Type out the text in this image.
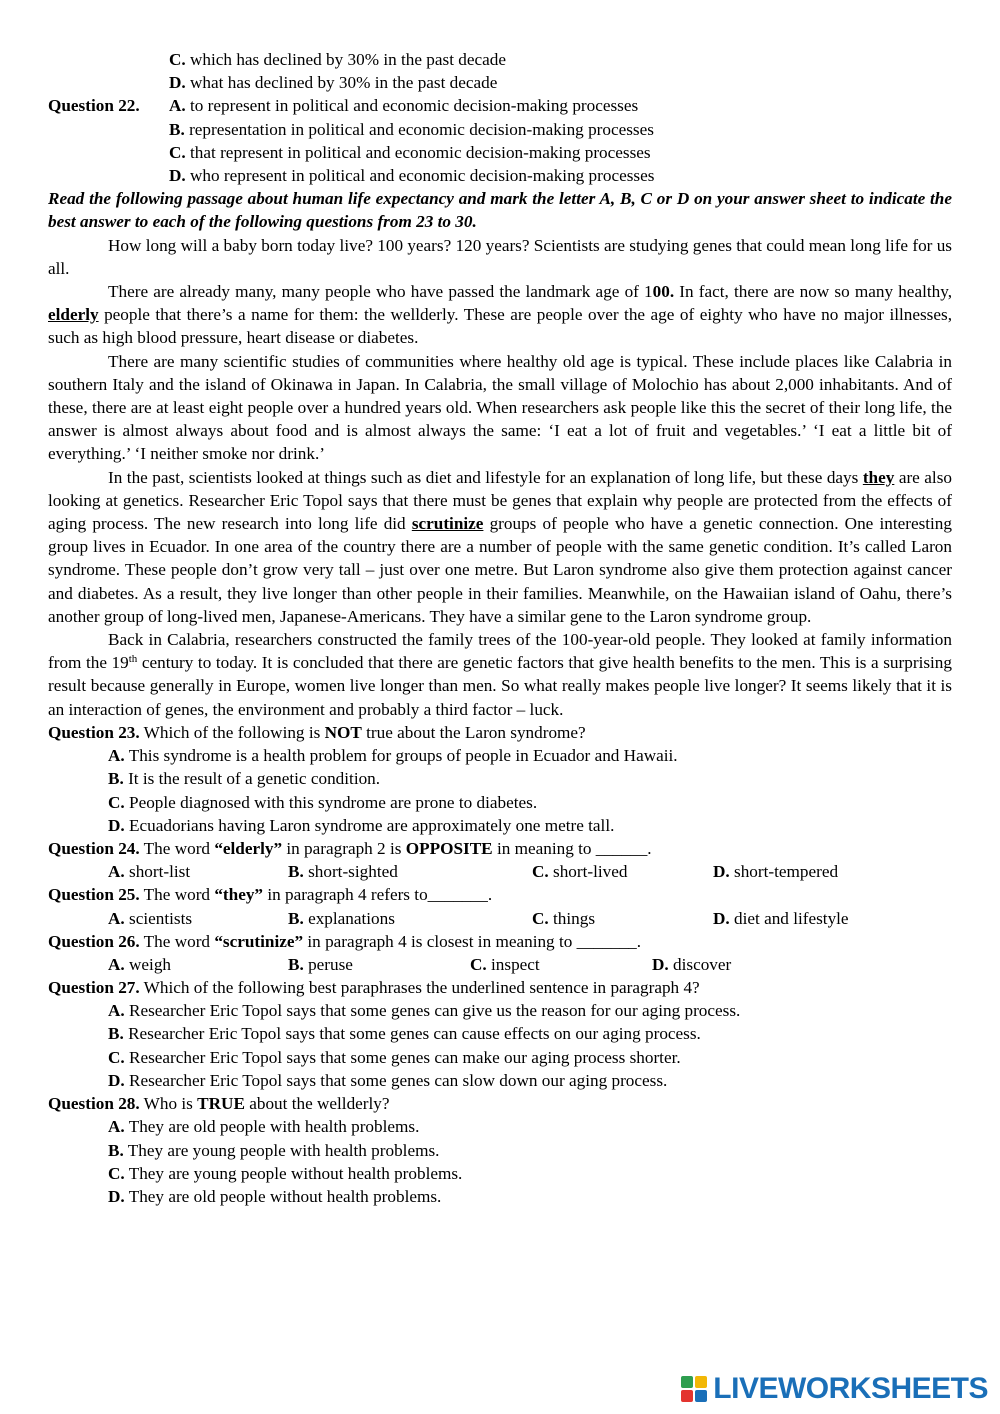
C. which has declined by 30% in the past decade
D. what has declined by 30% in the past decade
Question 22. A. to represent in political and economic decision-making processes
B. representation in political and economic decision-making processes
C. that represent in political and economic decision-making processes
D. who represent in political and economic decision-making processes
Read the following passage about human life expectancy and mark the letter A, B, C or D on your answer sheet to indicate the best answer to each of the following questions from 23 to 30.
How long will a baby born today live? 100 years? 120 years? Scientists are studying genes that could mean long life for us all.
There are already many, many people who have passed the landmark age of 100. In fact, there are now so many healthy, elderly people that there’s a name for them: the wellderly. These are people over the age of eighty who have no major illnesses, such as high blood pressure, heart disease or diabetes.
There are many scientific studies of communities where healthy old age is typical. These include places like Calabria in southern Italy and the island of Okinawa in Japan. In Calabria, the small village of Molochio has about 2,000 inhabitants. And of these, there are at least eight people over a hundred years old. When researchers ask people like this the secret of their long life, the answer is almost always about food and is almost always the same: ‘I eat a lot of fruit and vegetables.’ ‘I eat a little bit of everything.’ ‘I neither smoke nor drink.’
In the past, scientists looked at things such as diet and lifestyle for an explanation of long life, but these days they are also looking at genetics. Researcher Eric Topol says that there must be genes that explain why people are protected from the effects of aging process. The new research into long life did scrutinize groups of people who have a genetic connection. One interesting group lives in Ecuador. In one area of the country there are a number of people with the same genetic condition. It’s called Laron syndrome. These people don’t grow very tall – just over one metre. But Laron syndrome also give them protection against cancer and diabetes. As a result, they live longer than other people in their families. Meanwhile, on the Hawaiian island of Oahu, there’s another group of long-lived men, Japanese-Americans. They have a similar gene to the Laron syndrome group.
Back in Calabria, researchers constructed the family trees of the 100-year-old people. They looked at family information from the 19th century to today. It is concluded that there are genetic factors that give health benefits to the men. This is a surprising result because generally in Europe, women live longer than men. So what really makes people live longer? It seems likely that it is an interaction of genes, the environment and probably a third factor – luck.
Question 23. Which of the following is NOT true about the Laron syndrome?
A. This syndrome is a health problem for groups of people in Ecuador and Hawaii.
B. It is the result of a genetic condition.
C. People diagnosed with this syndrome are prone to diabetes.
D. Ecuadorians having Laron syndrome are approximately one metre tall.
Question 24. The word “elderly” in paragraph 2 is OPPOSITE in meaning to ______.
A. short-list	B. short-sighted	C. short-lived	D. short-tempered
Question 25. The word “they” in paragraph 4 refers to_______.
A. scientists	B. explanations	C. things	D. diet and lifestyle
Question 26. The word “scrutinize” in paragraph 4 is closest in meaning to _______.
A. weigh	B. peruse	C. inspect	D. discover
Question 27. Which of the following best paraphrases the underlined sentence in paragraph 4?
A. Researcher Eric Topol says that some genes can give us the reason for our aging process.
B. Researcher Eric Topol says that some genes can cause effects on our aging process.
C. Researcher Eric Topol says that some genes can make our aging process shorter.
D. Researcher Eric Topol says that some genes can slow down our aging process.
Question 28. Who is TRUE about the wellderly?
A. They are old people with health problems.
B. They are young people with health problems.
C. They are young people without health problems.
D. They are old people without health problems.
LIVEWORKSHEETS
